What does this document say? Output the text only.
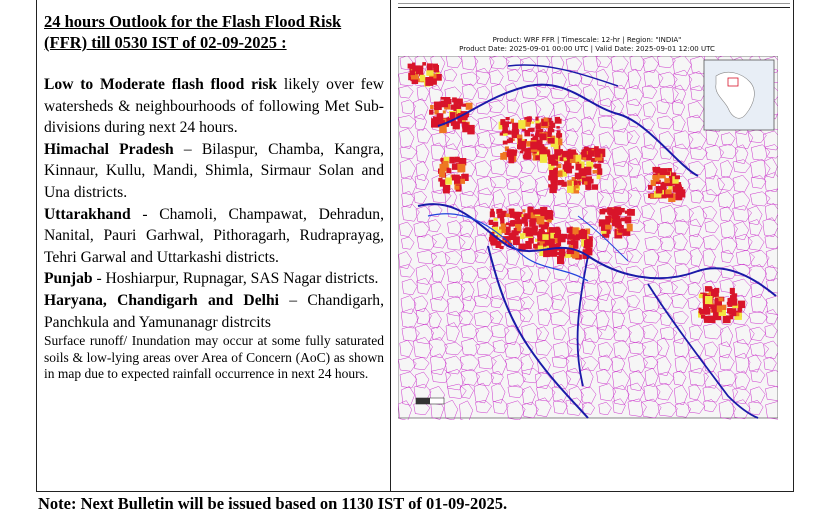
24 hours Outlook for the Flash Flood Risk (FFR) till 0530 IST of 02-09-2025 :

Low to Moderate flash flood risk likely over few watersheds & neighbourhoods of following Met Sub-divisions during next 24 hours.

Himachal Pradesh – Bilaspur, Chamba, Kangra, Kinnaur, Kullu, Mandi, Shimla, Sirmaur Solan and Una districts.

Uttarakhand - Chamoli, Champawat, Dehradun, Nanital, Pauri Garhwal, Pithoragarh, Rudraprayag, Tehri Garwal and Uttarkashi districts.

Punjab - Hoshiarpur, Rupnagar, SAS Nagar districts.

Haryana, Chandigarh and Delhi – Chandigarh, Panchkula and Yamunanagr distrcits

Surface runoff/ Inundation may occur at some fully saturated soils & low-lying areas over Area of Concern (AoC) as shown in map due to expected rainfall occurrence in next 24 hours.

Product: WRF FFR | Timescale: 12-hr | Region: "INDIA"
Product Date: 2025-09-01 00:00 UTC | Valid Date: 2025-09-01 12:00 UTC
Note: Next Bulletin will be issued based on 1130 IST of 01-09-2025.
